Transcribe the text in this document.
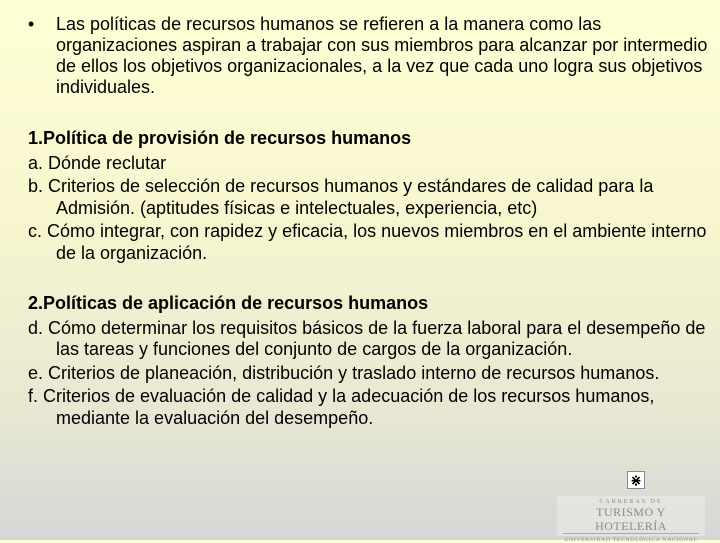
•	Las políticas de recursos humanos se refieren a la manera como las organizaciones aspiran a trabajar con sus miembros para alcanzar por intermedio de ellos los objetivos organizacionales, a la vez que cada uno logra sus objetivos individuales.
1.Política de provisión de recursos humanos
a. Dónde reclutar
b. Criterios de selección de recursos humanos y estándares de calidad para la Admisión. (aptitudes físicas e intelectuales, experiencia, etc)
c. Cómo integrar, con rapidez y eficacia, los nuevos miembros en el ambiente interno de la organización.
2.Políticas de aplicación de recursos humanos
d. Cómo determinar los requisitos básicos de la fuerza laboral para el desempeño de las tareas y funciones del conjunto de cargos de la organización.
e. Criterios de planeación, distribución y traslado interno de recursos humanos.
f. Criterios de evaluación de calidad y la adecuación de los recursos humanos, mediante la evaluación del desempeño.
⋇
CARRERAS DE
TURISMO Y HOTELERÍA
UNIVERSIDAD TECNOLÓGICA NACIONAL
